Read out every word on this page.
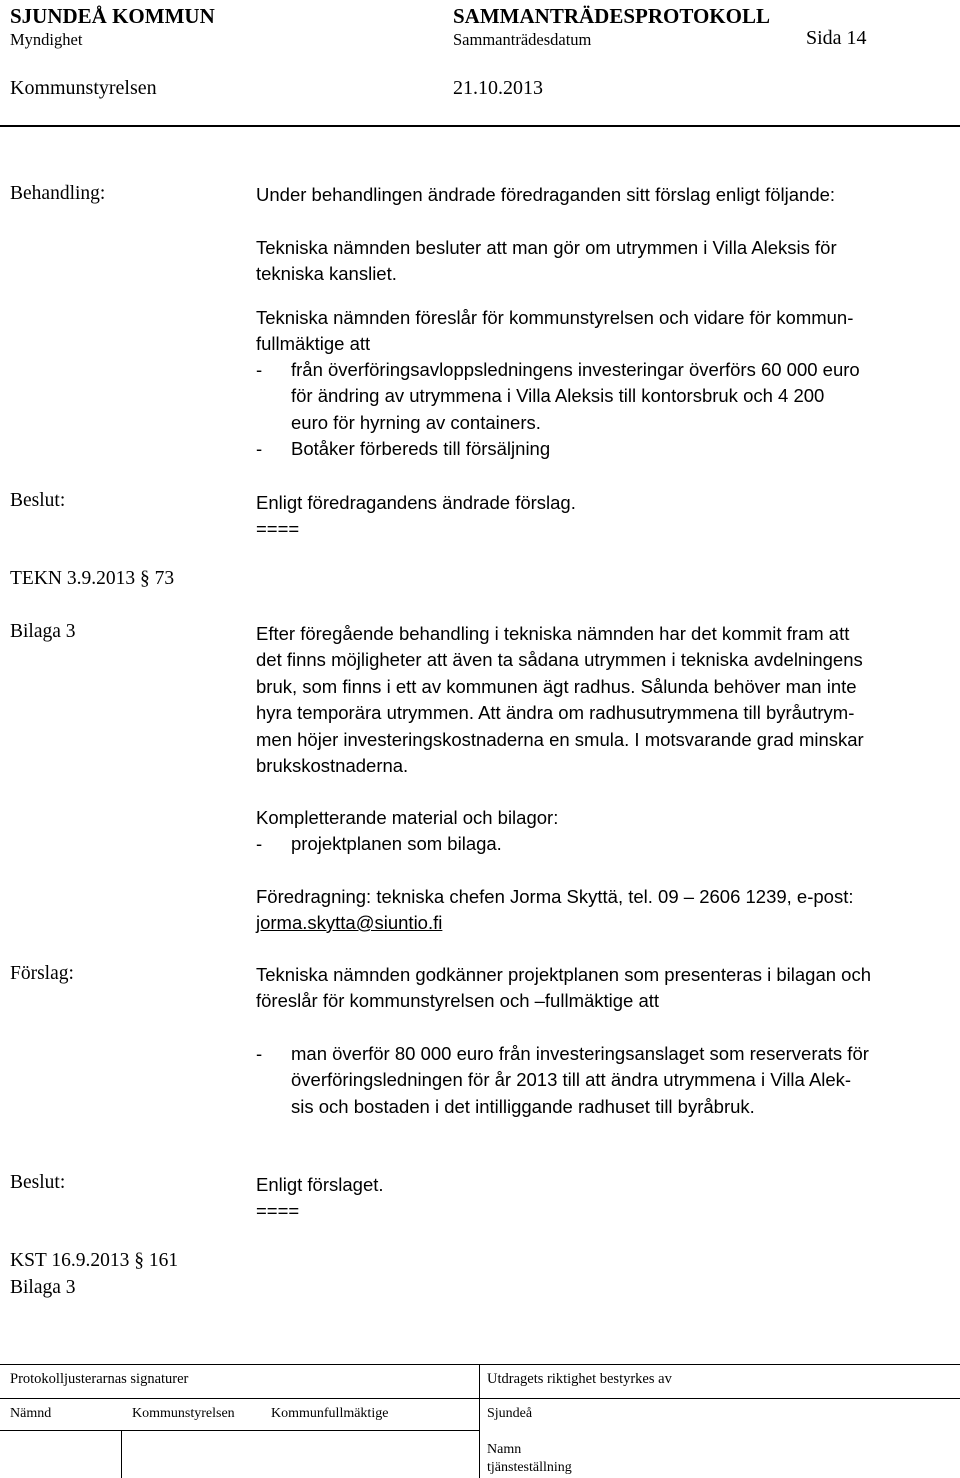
SJUNDEÅ KOMMUN	SAMMANTRÄDESPROTOKOLL
Myndighet	Sammanträdesdatum	Sida 14
Kommunstyrelsen	21.10.2013
Behandling:	Under behandlingen ändrade föredraganden sitt förslag enligt följande:
Tekniska nämnden besluter att man gör om utrymmen i Villa Aleksis för
tekniska kansliet.
Tekniska nämnden föreslår för kommunstyrelsen och vidare för kommun-
fullmäktige att
- från överföringsavloppsledningens investeringar överförs 60 000 euro
för ändring av utrymmena i Villa Aleksis till kontorsbruk och 4 200
euro för hyrning av containers.
- Botåker förbereds till försäljning
Beslut:	Enligt föredragandens ändrade förslag.
====
TEKN 3.9.2013 § 73
Bilaga 3	Efter föregående behandling i tekniska nämnden har det kommit fram att
det finns möjligheter att även ta sådana utrymmen i tekniska avdelningens
bruk, som finns i ett av kommunen ägt radhus. Sålunda behöver man inte
hyra temporära utrymmen. Att ändra om radhusutrymmena till byråutrym-
men höjer investeringskostnaderna en smula. I motsvarande grad minskar
brukskostnaderna.
Kompletterande material och bilagor:
- projektplanen som bilaga.
Föredragning: tekniska chefen Jorma Skyttä, tel. 09 – 2606 1239, e-post:
jorma.skytta@siuntio.fi
Förslag:	Tekniska nämnden godkänner projektplanen som presenteras i bilagan och
föreslår för kommunstyrelsen och –fullmäktige att
- man överför 80 000 euro från investeringsanslaget som reserverats för
överföringsledningen för år 2013 till att ändra utrymmena i Villa Alek-
sis och bostaden i det intilliggande radhuset till byråbruk.
Beslut:	Enligt förslaget.
====
KST 16.9.2013 § 161
Bilaga 3
Protokolljusterarnas signaturer	Utdragets riktighet bestyrkes av
Nämnd	Kommunstyrelsen	Kommunfullmäktige	Sjundeå
Namn
tjänsteställning
